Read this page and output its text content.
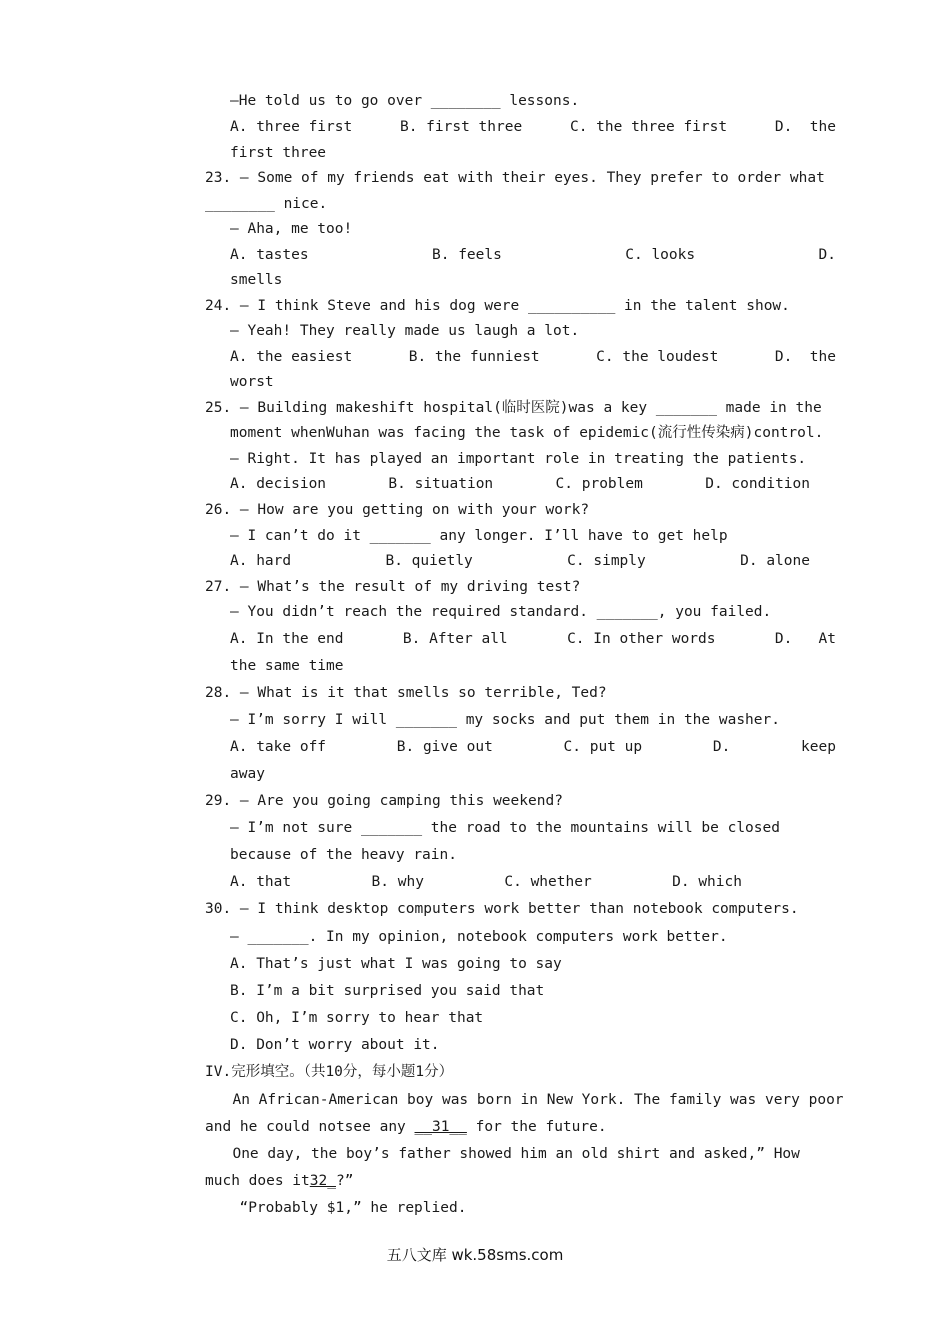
—He told us to go over ________ lessons.
A. three first	B. first three	C. the three first	D.  the
first three
23. — Some of my friends eat with their eyes. They prefer to order what
________ nice.
— Aha, me too!
A. tastes	B. feels	C. looks	D.
smells
24. — I think Steve and his dog were __________ in the talent show.
— Yeah! They really made us laugh a lot.
A. the easiest	B. the funniest	C. the loudest	D.  the
worst
25. — Building makeshift hospital(临时医院)was a key _______ made in the
moment whenWuhan was facing the task of epidemic(流行性传染病)control.
— Right. It has played an important role in treating the patients.
A. decision	B. situation	C. problem	D. condition
26. — How are you getting on with your work?
— I can’t do it _______ any longer. I’ll have to get help
A. hard	B. quietly	C. simply	D. alone
27. — What’s the result of my driving test?
— You didn’t reach the required standard. _______, you failed.
A. In the end	B. After all	C. In other words	D.   At
the same time
28. — What is it that smells so terrible, Ted?
— I’m sorry I will _______ my socks and put them in the washer.
A. take off	B. give out	C. put up	D.	keep
away
29. — Are you going camping this weekend?
— I’m not sure _______ the road to the mountains will be closed
because of the heavy rain.
A. that	B. why	C. whether	D. which
30. — I think desktop computers work better than notebook computers.
— _______. In my opinion, notebook computers work better.
A. That’s just what I was going to say
B. I’m a bit surprised you said that
C. Oh, I’m sorry to hear that
D. Don’t worry about it.
IV.完形填空。（共10分，每小题1分）
An African-American boy was born in New York. The family was very poor
and he could notsee any __31__ for the future.
One day, the boy’s father showed him an old shirt and asked,” How
much does it32_?”
“Probably $1,” he replied.
五八文库 wk.58sms.com
